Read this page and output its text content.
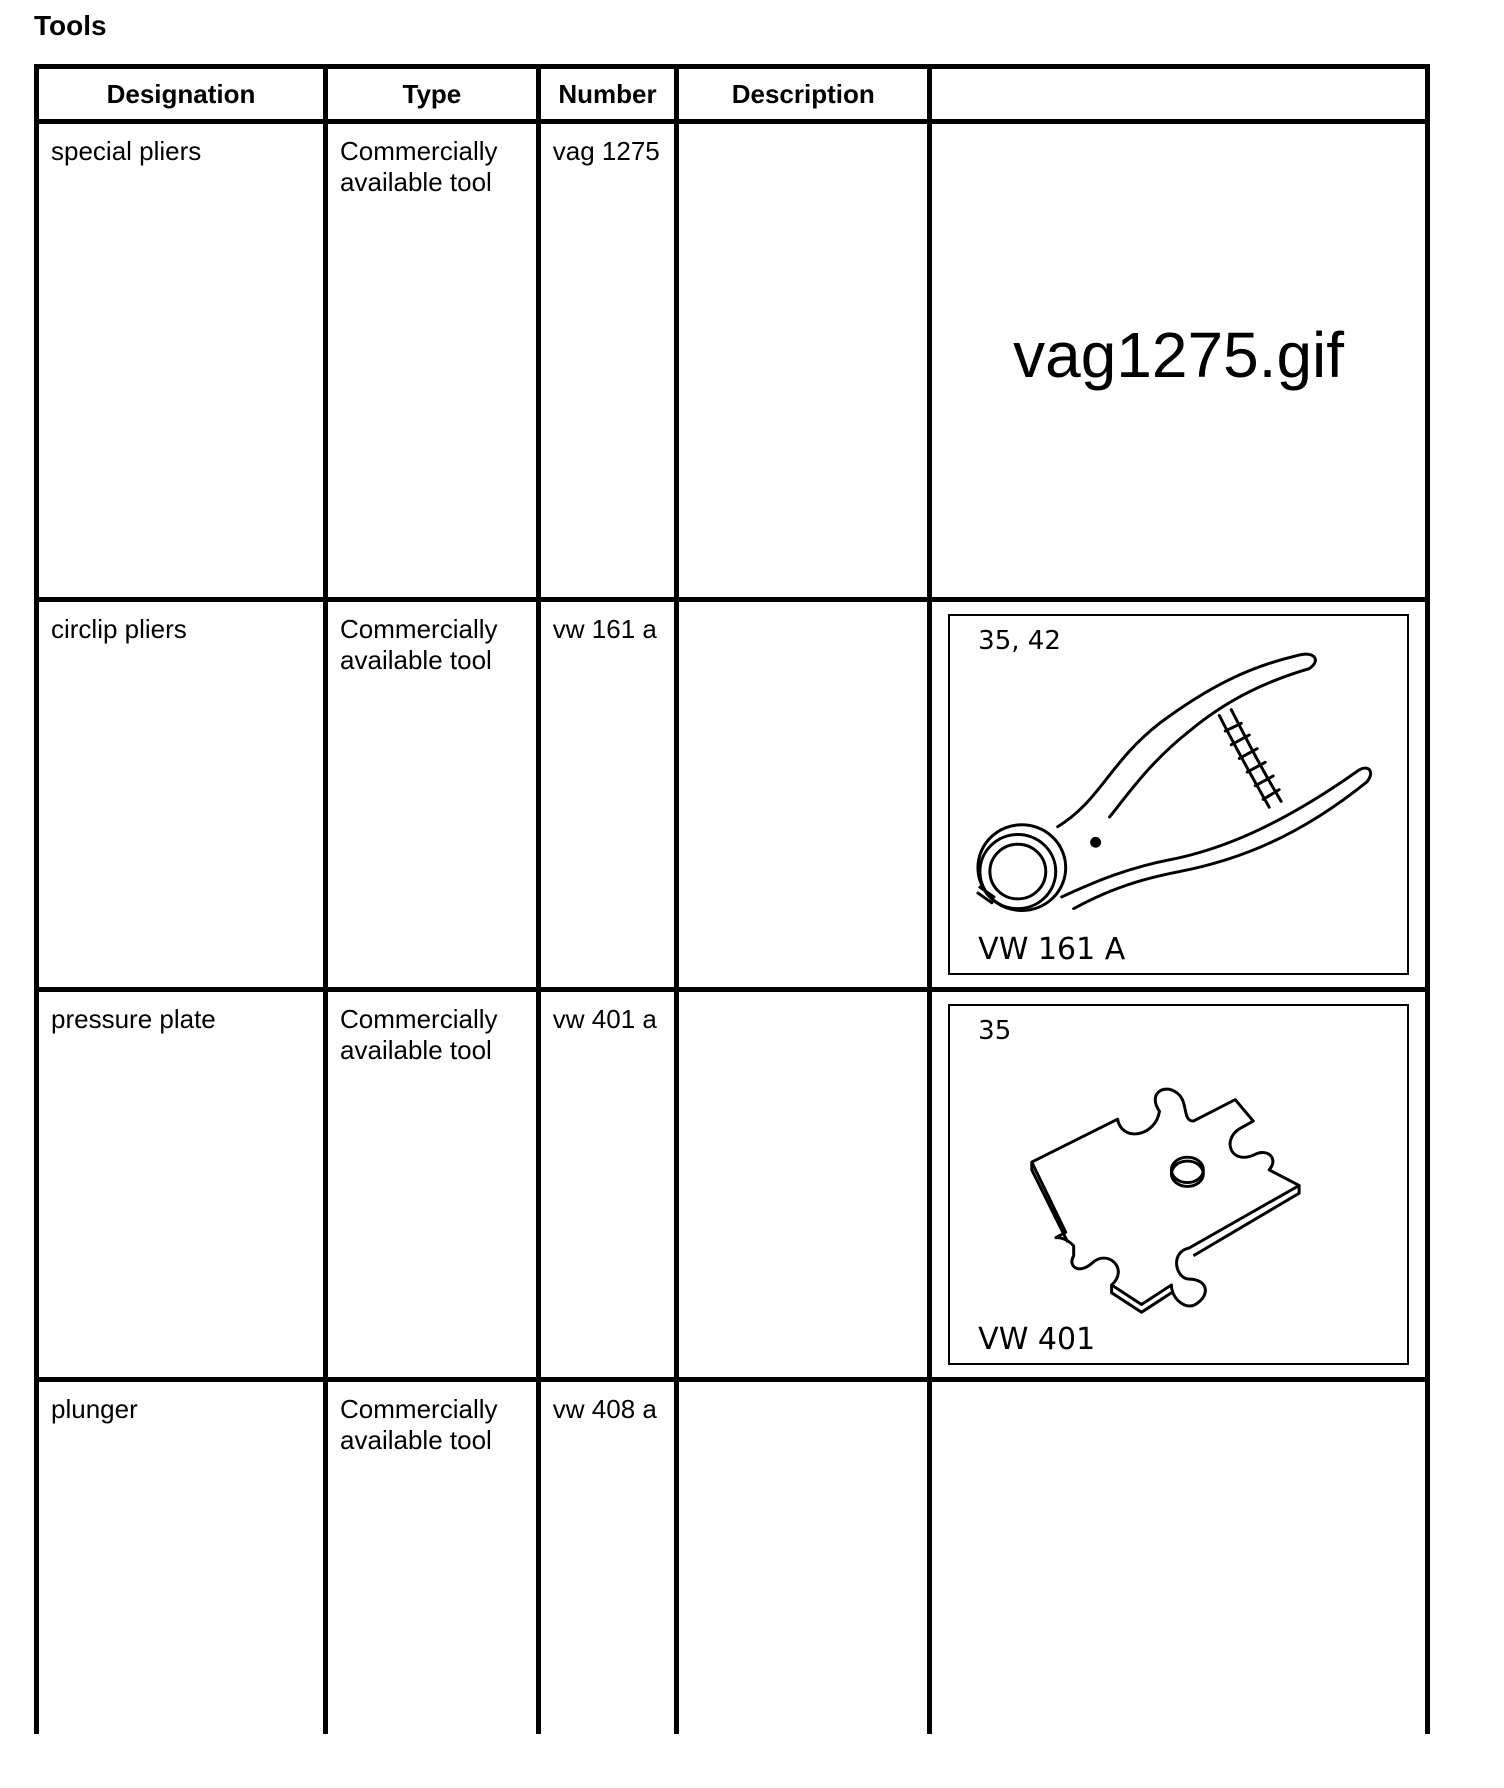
Tools
Designation	Type	Number	Description	

special pliers	Commercially available tool	vag 1275		vag1275.gif

circlip pliers	Commercially available tool	vw 161 a		35, 42
VW 161 A

pressure plate	Commercially available tool	vw 401 a		35
VW 401

plunger	Commercially available tool	vw 408 a		
